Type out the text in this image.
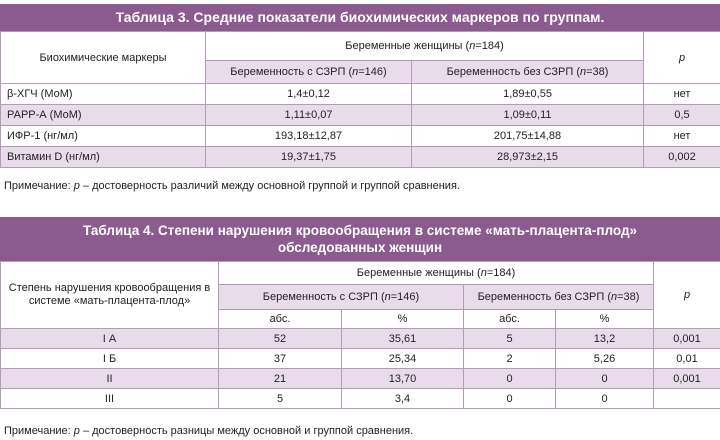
Таблица 3. Средние показатели биохимических маркеров по группам.
Биохимические маркеры	Беременные женщины (n=184)		p
	Беременность с СЗРП (n=146)	Беременность без СЗРП (n=38)	
β-ХГЧ (МоМ)	1,4±0,12	1,89±0,55	нет
РАРР-А (МоМ)	1,11±0,07	1,09±0,11	0,5
ИФР-1 (нг/мл)	193,18±12,87	201,75±14,88	нет
Витамин D (нг/мл)	19,37±1,75	28,973±2,15	0,002
Примечание: p – достоверность различий между основной группой и группой сравнения.
Таблица 4. Степени нарушения кровообращения в системе «мать-плацента-плод» обследованных женщин
Степень нарушения кровообращения в системе «мать-плацента-плод»	Беременные женщины (n=184)				p
	Беременность с СЗРП (n=146)		Беременность без СЗРП (n=38)		
	абс.	%	абс.	%	
I А	52	35,61	5	13,2	0,001
I Б	37	25,34	2	5,26	0,01
II	21	13,70	0	0	0,001
III	5	3,4	0	0	
Примечание: p – достоверность разницы между основной и группой сравнения.
